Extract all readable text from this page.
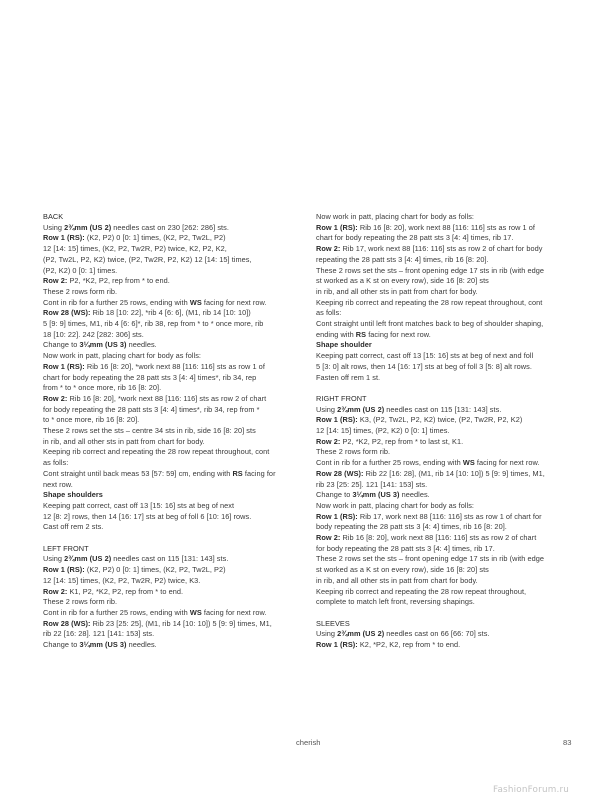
BACK
Using 2¾mm (US 2) needles cast on 230 [262: 286] sts.
Row 1 (RS): (K2, P2) 0 [0: 1] times, (K2, P2, Tw2L, P2)
12 [14: 15] times, (K2, P2, Tw2R, P2) twice, K2, P2, K2,
(P2, Tw2L, P2, K2) twice, (P2, Tw2R, P2, K2) 12 [14: 15] times,
(P2, K2) 0 [0: 1] times.
Row 2: P2, *K2, P2, rep from * to end.
These 2 rows form rib.
Cont in rib for a further 25 rows, ending with WS facing for next row.
Row 28 (WS): Rib 18 [10: 22], *rib 4 [6: 6], (M1, rib 14 [10: 10])
5 [9: 9] times, M1, rib 4 [6: 6]*, rib 38, rep from * to * once more, rib
18 [10: 22]. 242 [282: 306] sts.
Change to 3¼mm (US 3) needles.
Now work in patt, placing chart for body as folls:
Row 1 (RS): Rib 16 [8: 20], *work next 88 [116: 116] sts as row 1 of
chart for body repeating the 28 patt sts 3 [4: 4] times*, rib 34, rep
from * to * once more, rib 16 [8: 20].
Row 2: Rib 16 [8: 20], *work next 88 [116: 116] sts as row 2 of chart
for body repeating the 28 patt sts 3 [4: 4] times*, rib 34, rep from *
to * once more, rib 16 [8: 20].
These 2 rows set the sts – centre 34 sts in rib, side 16 [8: 20] sts
in rib, and all other sts in patt from chart for body.
Keeping rib correct and repeating the 28 row repeat throughout, cont
as folls:
Cont straight until back meas 53 [57: 59] cm, ending with RS facing for
next row.
Shape shoulders
Keeping patt correct, cast off 13 [15: 16] sts at beg of next
12 [8: 2] rows, then 14 [16: 17] sts at beg of foll 6 [10: 16] rows.
Cast off rem 2 sts.
LEFT FRONT
Using 2¾mm (US 2) needles cast on 115 [131: 143] sts.
Row 1 (RS): (K2, P2) 0 [0: 1] times, (K2, P2, Tw2L, P2)
12 [14: 15] times, (K2, P2, Tw2R, P2) twice, K3.
Row 2: K1, P2, *K2, P2, rep from * to end.
These 2 rows form rib.
Cont in rib for a further 25 rows, ending with WS facing for next row.
Row 28 (WS): Rib 23 [25: 25], (M1, rib 14 [10: 10]) 5 [9: 9] times, M1,
rib 22 [16: 28]. 121 [141: 153] sts.
Change to 3¼mm (US 3) needles.
Now work in patt, placing chart for body as folls:
Row 1 (RS): Rib 16 [8: 20], work next 88 [116: 116] sts as row 1 of
chart for body repeating the 28 patt sts 3 [4: 4] times, rib 17.
Row 2: Rib 17, work next 88 [116: 116] sts as row 2 of chart for body
repeating the 28 patt sts 3 [4: 4] times, rib 16 [8: 20].
These 2 rows set the sts – front opening edge 17 sts in rib (with edge
st worked as a K st on every row), side 16 [8: 20] sts
in rib, and all other sts in patt from chart for body.
Keeping rib correct and repeating the 28 row repeat throughout, cont
as folls:
Cont straight until left front matches back to beg of shoulder shaping,
ending with RS facing for next row.
Shape shoulder
Keeping patt correct, cast off 13 [15: 16] sts at beg of next and foll
5 [3: 0] alt rows, then 14 [16: 17] sts at beg of foll 3 [5: 8] alt rows.
Fasten off rem 1 st.
RIGHT FRONT
Using 2¾mm (US 2) needles cast on 115 [131: 143] sts.
Row 1 (RS): K3, (P2, Tw2L, P2, K2) twice, (P2, Tw2R, P2, K2)
12 [14: 15] times, (P2, K2) 0 [0: 1] times.
Row 2: P2, *K2, P2, rep from * to last st, K1.
These 2 rows form rib.
Cont in rib for a further 25 rows, ending with WS facing for next row.
Row 28 (WS): Rib 22 [16: 28], (M1, rib 14 [10: 10]) 5 [9: 9] times, M1,
rib 23 [25: 25]. 121 [141: 153] sts.
Change to 3¼mm (US 3) needles.
Now work in patt, placing chart for body as folls:
Row 1 (RS): Rib 17, work next 88 [116: 116] sts as row 1 of chart for
body repeating the 28 patt sts 3 [4: 4] times, rib 16 [8: 20].
Row 2: Rib 16 [8: 20], work next 88 [116: 116] sts as row 2 of chart
for body repeating the 28 patt sts 3 [4: 4] times, rib 17.
These 2 rows set the sts – front opening edge 17 sts in rib (with edge
st worked as a K st on every row), side 16 [8: 20] sts
in rib, and all other sts in patt from chart for body.
Keeping rib correct and repeating the 28 row repeat throughout,
complete to match left front, reversing shapings.
SLEEVES
Using 2¾mm (US 2) needles cast on 66 [66: 70] sts.
Row 1 (RS): K2, *P2, K2, rep from * to end.
cherish	83
FashionForum.ru
